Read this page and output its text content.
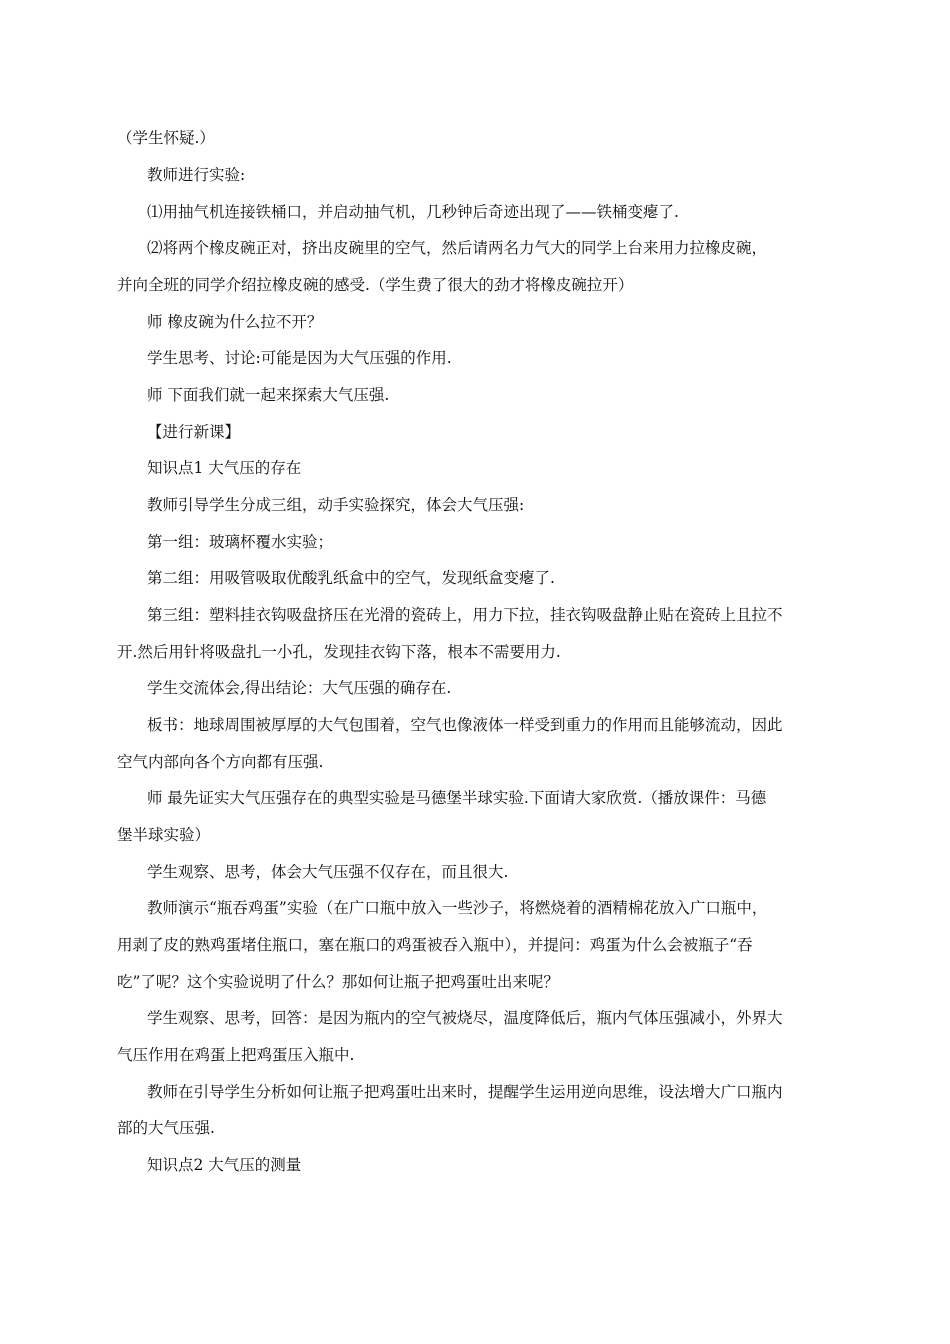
（学生怀疑.）
教师进行实验:
⑴用抽气机连接铁桶口，并启动抽气机，几秒钟后奇迹出现了——铁桶变瘪了.
⑵将两个橡皮碗正对，挤出皮碗里的空气，然后请两名力气大的同学上台来用力拉橡皮碗，
并向全班的同学介绍拉橡皮碗的感受.（学生费了很大的劲才将橡皮碗拉开）
师 橡皮碗为什么拉不开？
学生思考、讨论:可能是因为大气压强的作用.
师 下面我们就一起来探索大气压强.
【进行新课】
知识点1 大气压的存在
教师引导学生分成三组，动手实验探究，体会大气压强:
第一组：玻璃杯覆水实验；
第二组：用吸管吸取优酸乳纸盒中的空气，发现纸盒变瘪了.
第三组：塑料挂衣钩吸盘挤压在光滑的瓷砖上，用力下拉，挂衣钩吸盘静止贴在瓷砖上且拉不
开.然后用针将吸盘扎一小孔，发现挂衣钩下落，根本不需要用力.
学生交流体会,得出结论：大气压强的确存在.
板书：地球周围被厚厚的大气包围着，空气也像液体一样受到重力的作用而且能够流动，因此
空气内部向各个方向都有压强.
师 最先证实大气压强存在的典型实验是马德堡半球实验.下面请大家欣赏.（播放课件：马德
堡半球实验）
学生观察、思考，体会大气压强不仅存在，而且很大.
教师演示“瓶吞鸡蛋”实验（在广口瓶中放入一些沙子，将燃烧着的酒精棉花放入广口瓶中，
用剥了皮的熟鸡蛋堵住瓶口，塞在瓶口的鸡蛋被吞入瓶中），并提问：鸡蛋为什么会被瓶子“吞
吃”了呢？这个实验说明了什么？那如何让瓶子把鸡蛋吐出来呢？
学生观察、思考，回答：是因为瓶内的空气被烧尽，温度降低后，瓶内气体压强减小，外界大
气压作用在鸡蛋上把鸡蛋压入瓶中.
教师在引导学生分析如何让瓶子把鸡蛋吐出来时，提醒学生运用逆向思维，设法增大广口瓶内
部的大气压强.
知识点2 大气压的测量
